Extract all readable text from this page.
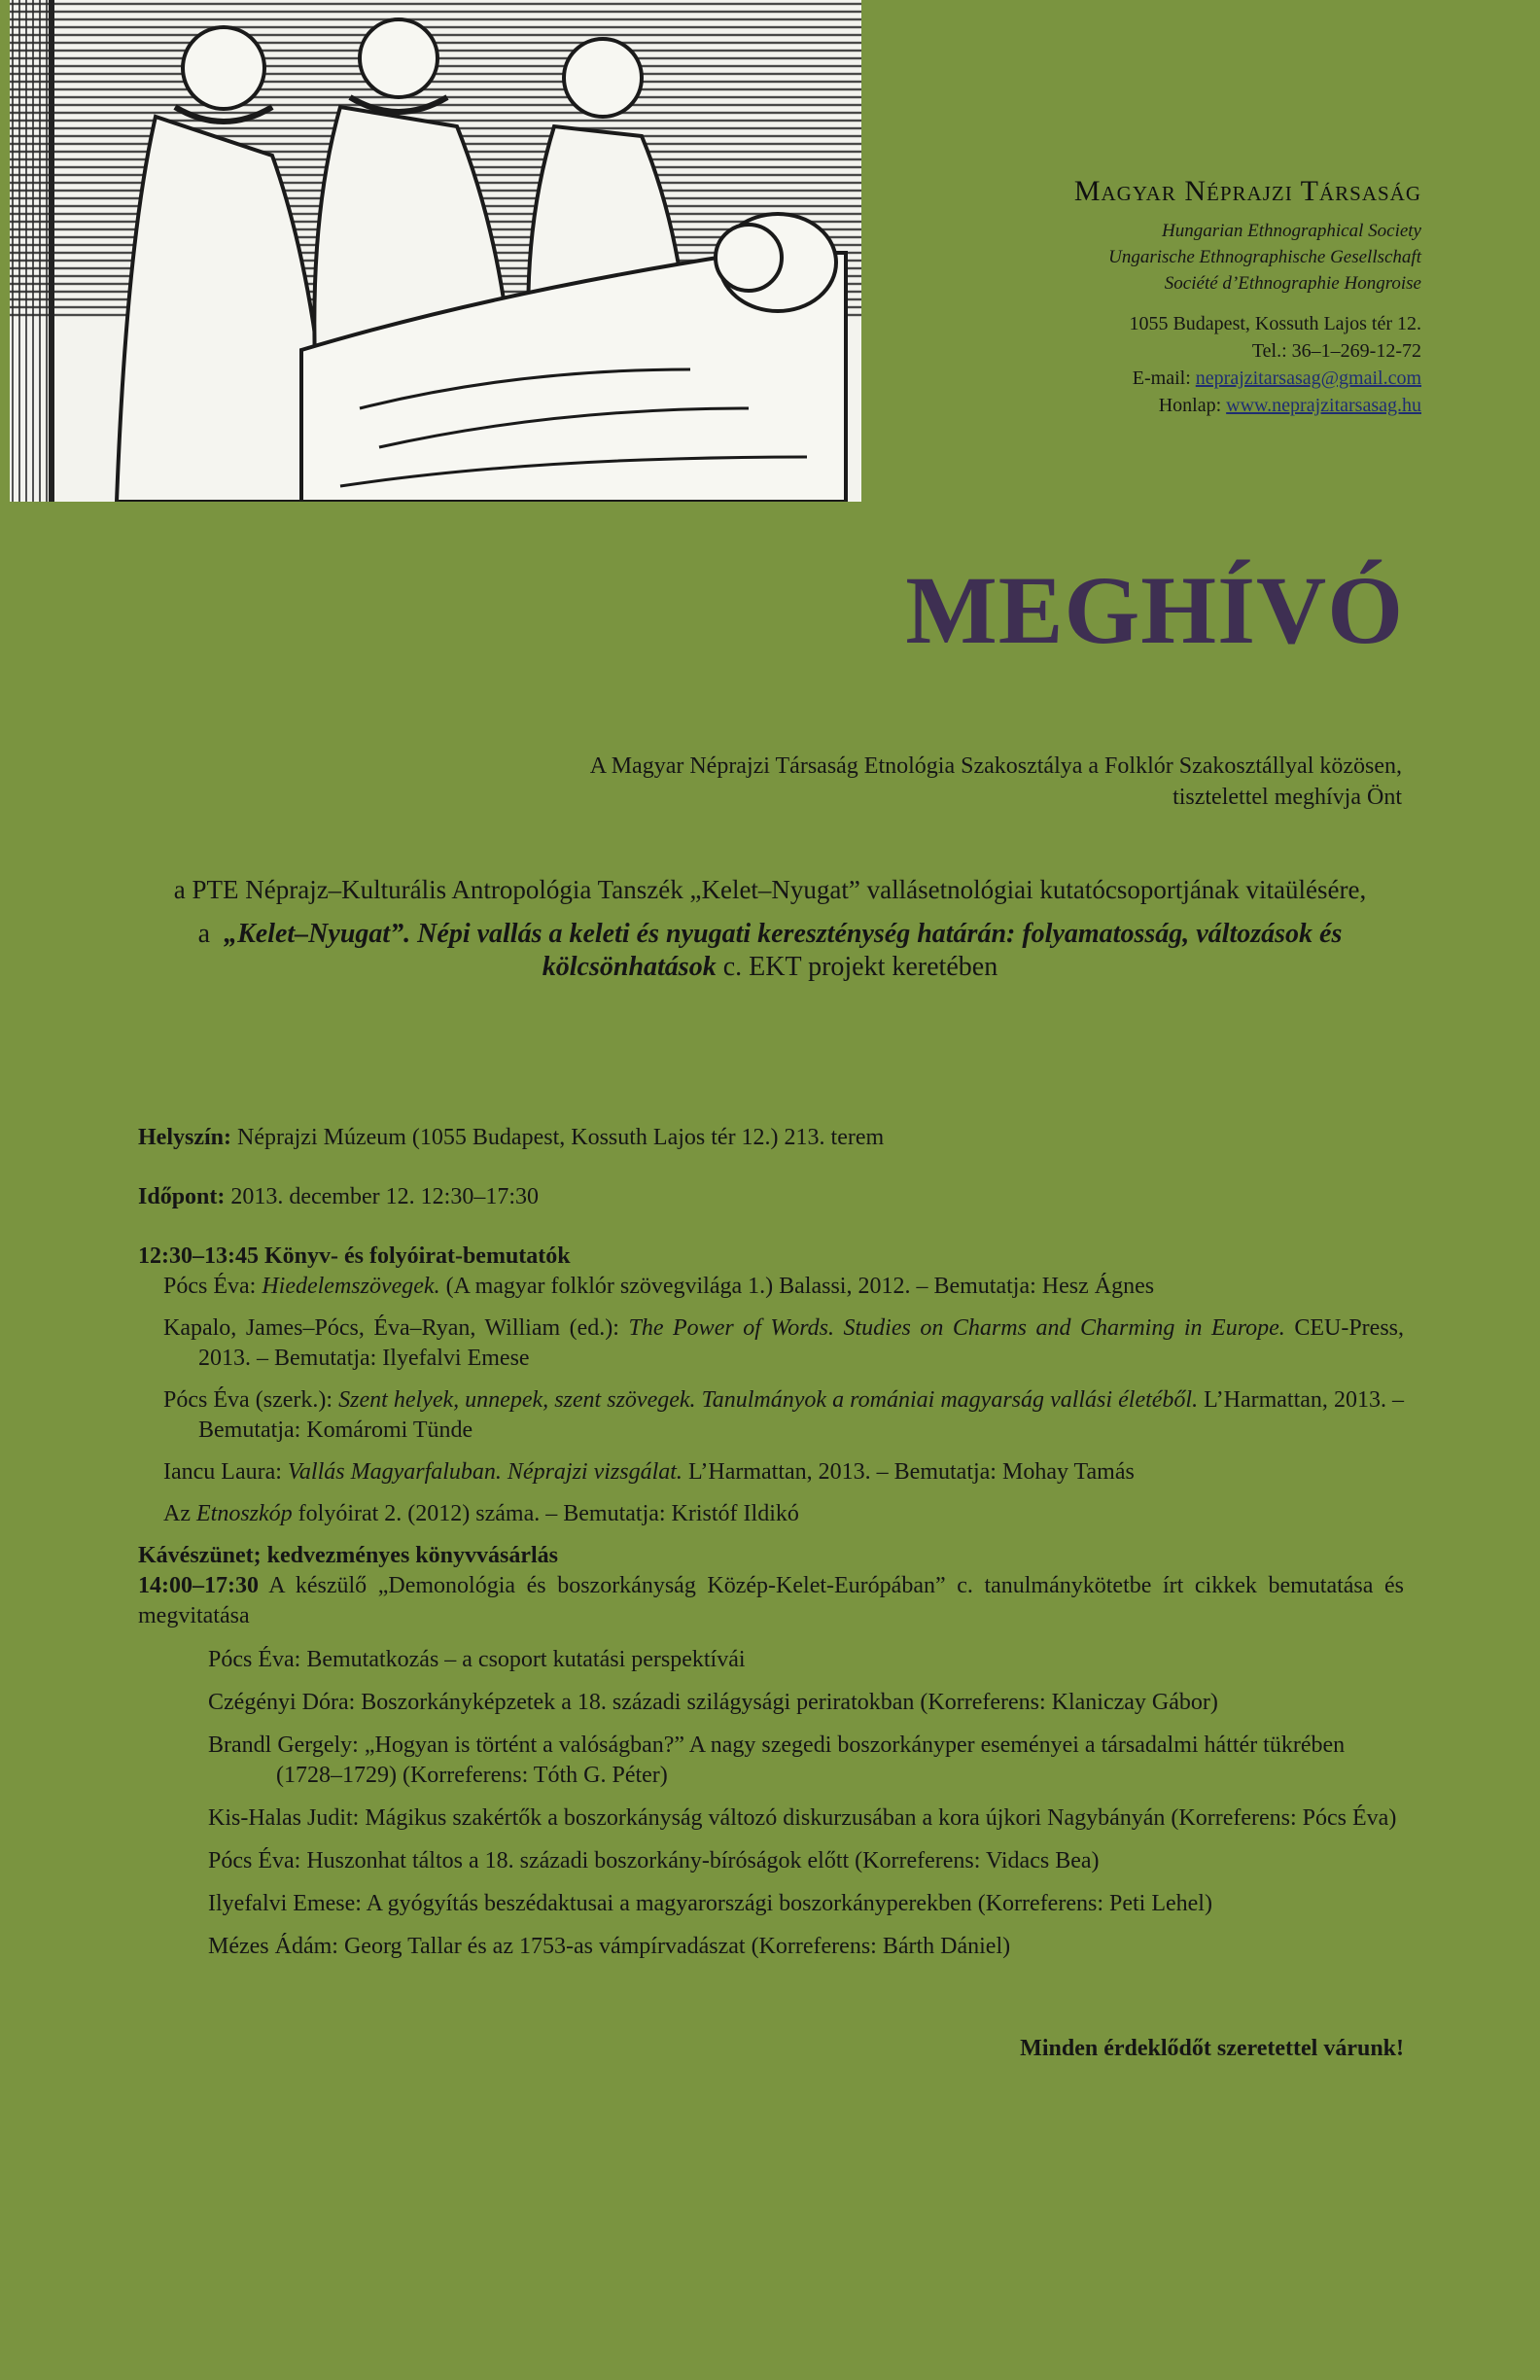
Magyar Néprajzi Társaság
Hungarian Ethnographical Society
Ungarische Ethnographische Gesellschaft
Société d’Ethnographie Hongroise
1055 Budapest, Kossuth Lajos tér 12.
Tel.: 36–1–269-12-72
E-mail: neprajzitarsasag@gmail.com
Honlap: www.neprajzitarsasag.hu
MEGHÍVÓ
A Magyar Néprajzi Társaság Etnológia Szakosztálya a Folklór Szakosztállyal közösen,
tisztelettel meghívja Önt
a PTE Néprajz–Kulturális Antropológia Tanszék „Kelet–Nyugat” vallásetnológiai kutatócsoportjának vitaülésére,
a „Kelet–Nyugat”. Népi vallás a keleti és nyugati kereszténység határán: folyamatosság, változások és kölcsönhatások c. EKT projekt keretében

Helyszín: Néprajzi Múzeum (1055 Budapest, Kossuth Lajos tér 12.) 213. terem

Időpont: 2013. december 12. 12:30–17:30

12:30–13:45 Könyv- és folyóirat-bemutatók

Pócs Éva: Hiedelemszövegek. (A magyar folklór szövegvilága 1.) Balassi, 2012. – Bemutatja: Hesz Ágnes

Kapalo, James–Pócs, Éva–Ryan, William (ed.): The Power of Words. Studies on Charms and Charming in Europe. CEU-Press, 2013. – Bemutatja: Ilyefalvi Emese

Pócs Éva (szerk.): Szent helyek, unnepek, szent szövegek. Tanulmányok a romániai magyarság vallási életéből. L’Harmattan, 2013. – Bemutatja: Komáromi Tünde

Iancu Laura: Vallás Magyarfaluban. Néprajzi vizsgálat. L’Harmattan, 2013. – Bemutatja: Mohay Tamás

Az Etnoszkóp folyóirat 2. (2012) száma. – Bemutatja: Kristóf Ildikó

Kávészünet; kedvezményes könyvvásárlás

14:00–17:30 A készülő „Demonológia és boszorkányság Közép-Kelet-Európában” c. tanulmánykötetbe írt cikkek bemutatása és megvitatása

Pócs Éva: Bemutatkozás – a csoport kutatási perspektívái

Czégényi Dóra: Boszorkányképzetek a 18. századi szilágysági periratokban (Korreferens: Klaniczay Gábor)

Brandl Gergely: „Hogyan is történt a valóságban?” A nagy szegedi boszorkányper eseményei a társadalmi háttér tükrében (1728–1729) (Korreferens: Tóth G. Péter)

Kis-Halas Judit: Mágikus szakértők a boszorkányság változó diskurzusában a kora újkori Nagybányán (Korreferens: Pócs Éva)

Pócs Éva: Huszonhat táltos a 18. századi boszorkány-bíróságok előtt (Korreferens: Vidacs Bea)

Ilyefalvi Emese: A gyógyítás beszédaktusai a magyarországi boszorkányperekben (Korreferens: Peti Lehel)

Mézes Ádám: Georg Tallar és az 1753-as vámpírvadászat (Korreferens: Bárth Dániel)

Minden érdeklődőt szeretettel várunk!
